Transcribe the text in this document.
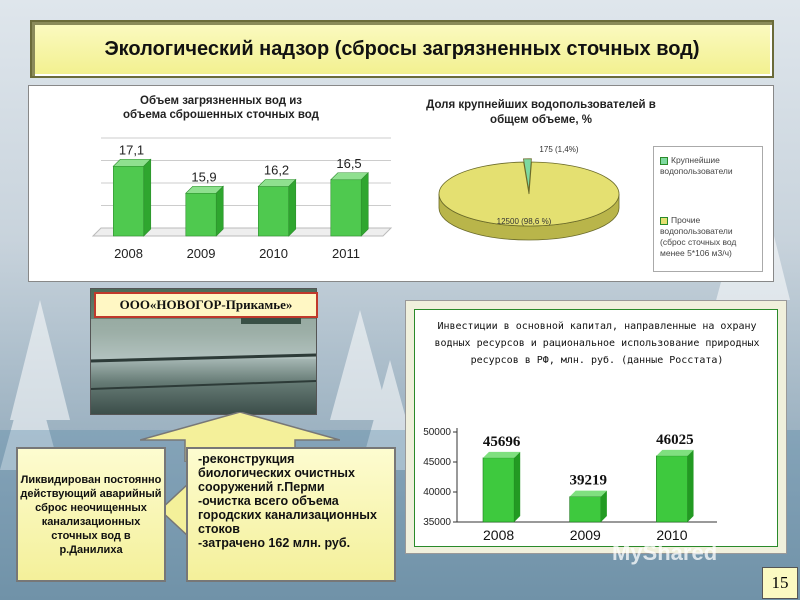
Экологический надзор (сбросы загрязненных сточных вод)
Объем загрязненных вод из объема сброшенных сточных вод
17,1
2008
15,9
2009
16,2
2010
16,5
2011
Доля крупнейших водопользователей в общем объеме, %
175 (1,4%)
12500 (98,6 %)
Крупнейшие водопользователи
Прочие водопользователи (сброс сточных вод менее 5*106 м3/ч)
ООО«НОВОГОР-Прикамье»
Ликвидирован постоянно действующий аварийный сброс неочищенных канализационных сточных вод в р.Данилиха
-реконструкция биологических очистных сооружений г.Перми
-очистка всего объема городских канализационных стоков
-затрачено 162 млн. руб.
Инвестиции в основной капитал, направленные на охрану водных ресурсов и рациональное использование природных ресурсов в РФ, млн. руб. (данные Росстата)
50000
45000
40000
35000
45696
2008
39219
2009
46025
2010
MyShared
15
